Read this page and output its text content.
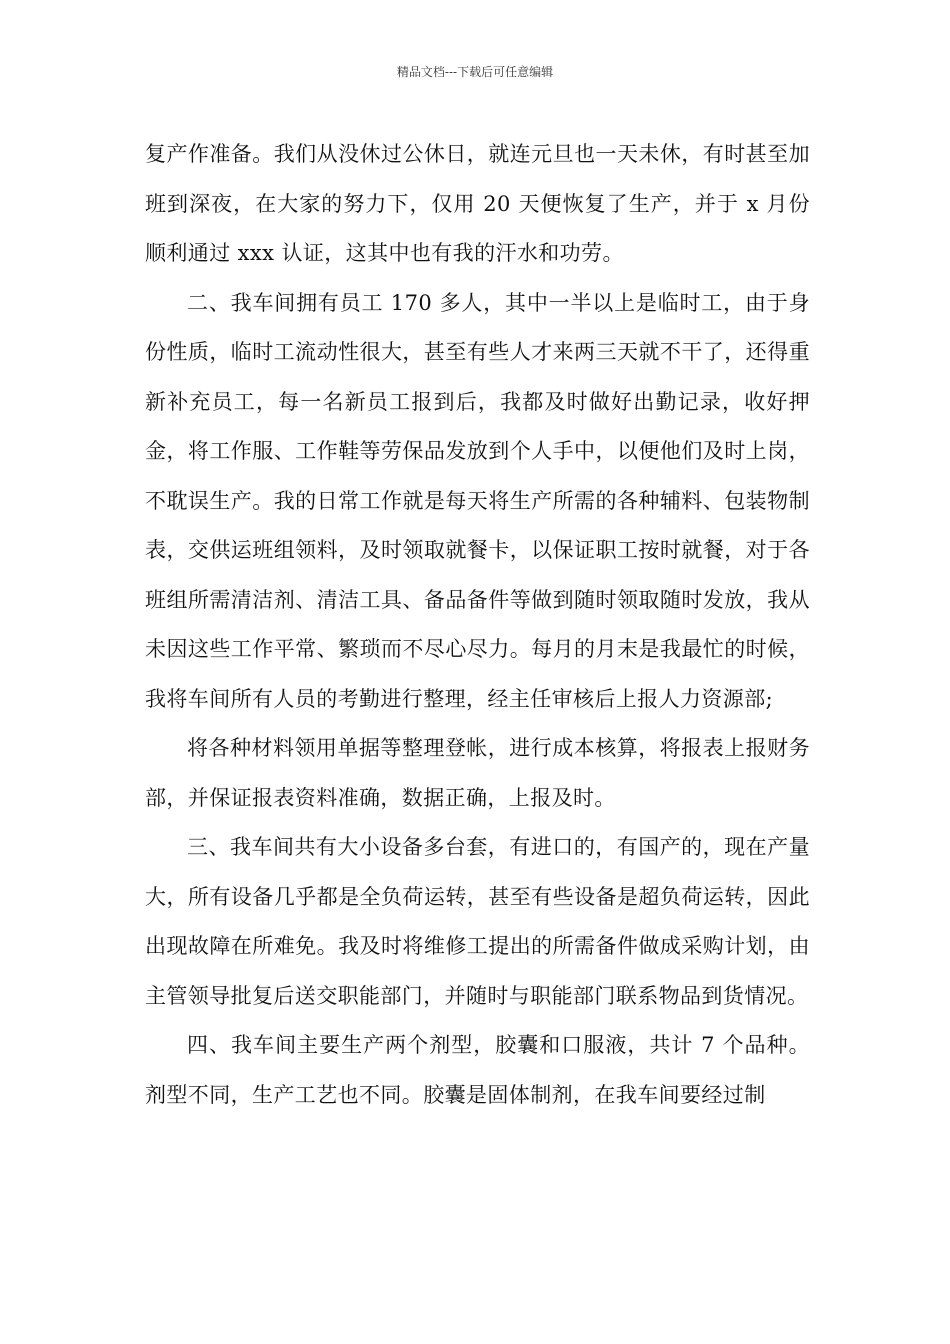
精品文档---下载后可任意编辑

复产作准备。我们从没休过公休日，就连元旦也一天未休，有时甚至加班到深夜，在大家的努力下，仅用 20 天便恢复了生产，并于 x 月份顺利通过 xxx 认证，这其中也有我的汗水和功劳。

二、我车间拥有员工 170 多人，其中一半以上是临时工，由于身份性质，临时工流动性很大，甚至有些人才来两三天就不干了，还得重新补充员工，每一名新员工报到后，我都及时做好出勤记录，收好押金，将工作服、工作鞋等劳保品发放到个人手中，以便他们及时上岗，不耽误生产。我的日常工作就是每天将生产所需的各种辅料、包装物制表，交供运班组领料，及时领取就餐卡，以保证职工按时就餐，对于各班组所需清洁剂、清洁工具、备品备件等做到随时领取随时发放，我从未因这些工作平常、繁琐而不尽心尽力。每月的月末是我最忙的时候，我将车间所有人员的考勤进行整理，经主任审核后上报人力资源部;

将各种材料领用单据等整理登帐，进行成本核算，将报表上报财务部，并保证报表资料准确，数据正确，上报及时。

三、我车间共有大小设备多台套，有进口的，有国产的，现在产量大，所有设备几乎都是全负荷运转，甚至有些设备是超负荷运转，因此出现故障在所难免。我及时将维修工提出的所需备件做成采购计划，由主管领导批复后送交职能部门，并随时与职能部门联系物品到货情况。

四、我车间主要生产两个剂型，胶囊和口服液，共计 7 个品种。剂型不同，生产工艺也不同。胶囊是固体制剂，在我车间要经过制
